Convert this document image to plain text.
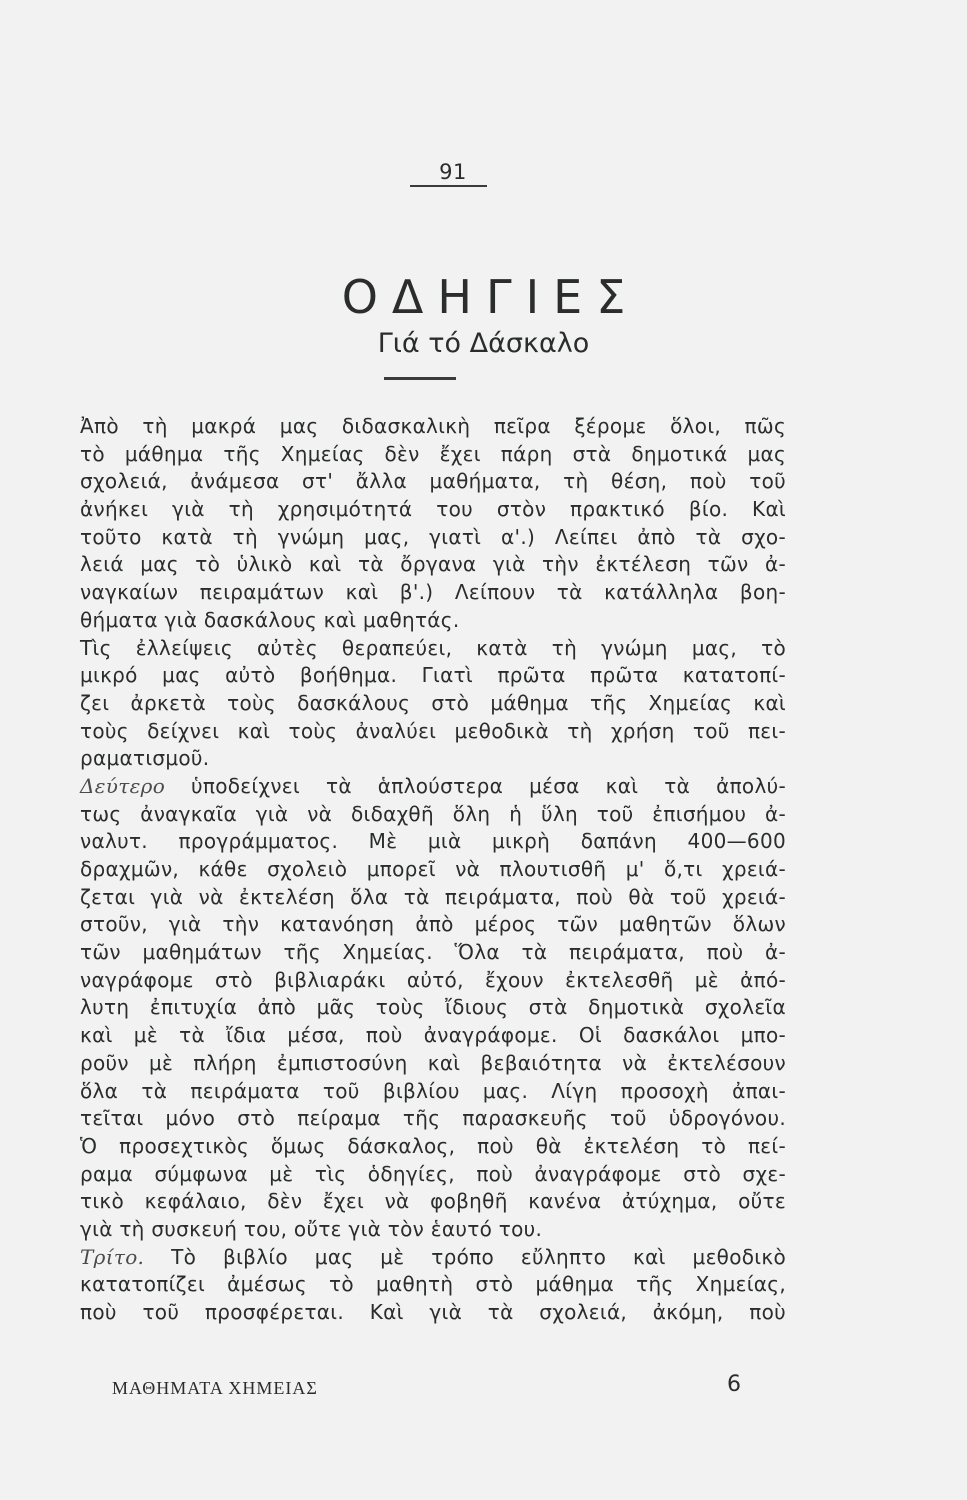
91
ΟΔΗΓΙΕΣ
Γιά τό Δάσκαλο
Ἀπὸ τὴ μακρά μας διδασκαλικὴ πεῖρα ξέρομε ὅλοι, πῶς
τὸ μάθημα τῆς Χημείας δὲν ἔχει πάρη στὰ δημοτικά μας
σχολειά, ἀνάμεσα στ' ἄλλα μαθήματα, τὴ θέση, ποὺ τοῦ
ἀνήκει γιὰ τὴ χρησιμότητά του στὸν πρακτικό βίο. Καὶ
τοῦτο κατὰ τὴ γνώμη μας, γιατὶ α'.) Λείπει ἀπὸ τὰ σχο-
λειά μας τὸ ὑλικὸ καὶ τὰ ὄργανα γιὰ τὴν ἐκτέλεση τῶν ἀ-
ναγκαίων πειραμάτων καὶ β'.) Λείπουν τὰ κατάλληλα βοη-
θήματα γιὰ δασκάλους καὶ μαθητάς.
Τὶς ἐλλείψεις αὐτὲς θεραπεύει, κατὰ τὴ γνώμη μας, τὸ
μικρό μας αὐτὸ βοήθημα. Γιατὶ πρῶτα πρῶτα κατατοπί-
ζει ἀρκετὰ τοὺς δασκάλους στὸ μάθημα τῆς Χημείας καὶ
τοὺς δείχνει καὶ τοὺς ἀναλύει μεθοδικὰ τὴ χρήση τοῦ πει-
ραματισμοῦ.
Δεύτερο ὑποδείχνει τὰ ἁπλούστερα μέσα καὶ τὰ ἀπολύ-
τως ἀναγκαῖα γιὰ νὰ διδαχθῆ ὅλη ἡ ὕλη τοῦ ἐπισήμου ἀ-
ναλυτ. προγράμματος. Μὲ μιὰ μικρὴ δαπάνη 400—600
δραχμῶν, κάθε σχολειὸ μπορεῖ νὰ πλουτισθῆ μ' ὅ,τι χρειά-
ζεται γιὰ νὰ ἐκτελέση ὅλα τὰ πειράματα, ποὺ θὰ τοῦ χρειά-
στοῦν, γιὰ τὴν κατανόηση ἀπὸ μέρος τῶν μαθητῶν ὅλων
τῶν μαθημάτων τῆς Χημείας. Ὅλα τὰ πειράματα, ποὺ ἀ-
ναγράφομε στὸ βιβλιαράκι αὐτό, ἔχουν ἐκτελεσθῆ μὲ ἀπό-
λυτη ἐπιτυχία ἀπὸ μᾶς τοὺς ἴδιους στὰ δημοτικὰ σχολεῖα
καὶ μὲ τὰ ἴδια μέσα, ποὺ ἀναγράφομε. Οἱ δασκάλοι μπο-
ροῦν μὲ πλήρη ἐμπιστοσύνη καὶ βεβαιότητα νὰ ἐκτελέσουν
ὅλα τὰ πειράματα τοῦ βιβλίου μας. Λίγη προσοχὴ ἀπαι-
τεῖται μόνο στὸ πείραμα τῆς παρασκευῆς τοῦ ὑδρογόνου.
Ὁ προσεχτικὸς ὅμως δάσκαλος, ποὺ θὰ ἐκτελέση τὸ πεί-
ραμα σύμφωνα μὲ τὶς ὁδηγίες, ποὺ ἀναγράφομε στὸ σχε-
τικὸ κεφάλαιο, δὲν ἔχει νὰ φοβηθῆ κανένα ἀτύχημα, οὔτε
γιὰ τὴ συσκευή του, οὔτε γιὰ τὸν ἑαυτό του.
Τρίτο. Τὸ βιβλίο μας μὲ τρόπο εὔληπτο καὶ μεθοδικὸ
κατατοπίζει ἀμέσως τὸ μαθητὴ στὸ μάθημα τῆς Χημείας,
ποὺ τοῦ προσφέρεται. Καὶ γιὰ τὰ σχολειά, ἀκόμη, ποὺ

ΜΑΘΗΜΑΤΑ ΧΗΜΕΙΑΣ	6
